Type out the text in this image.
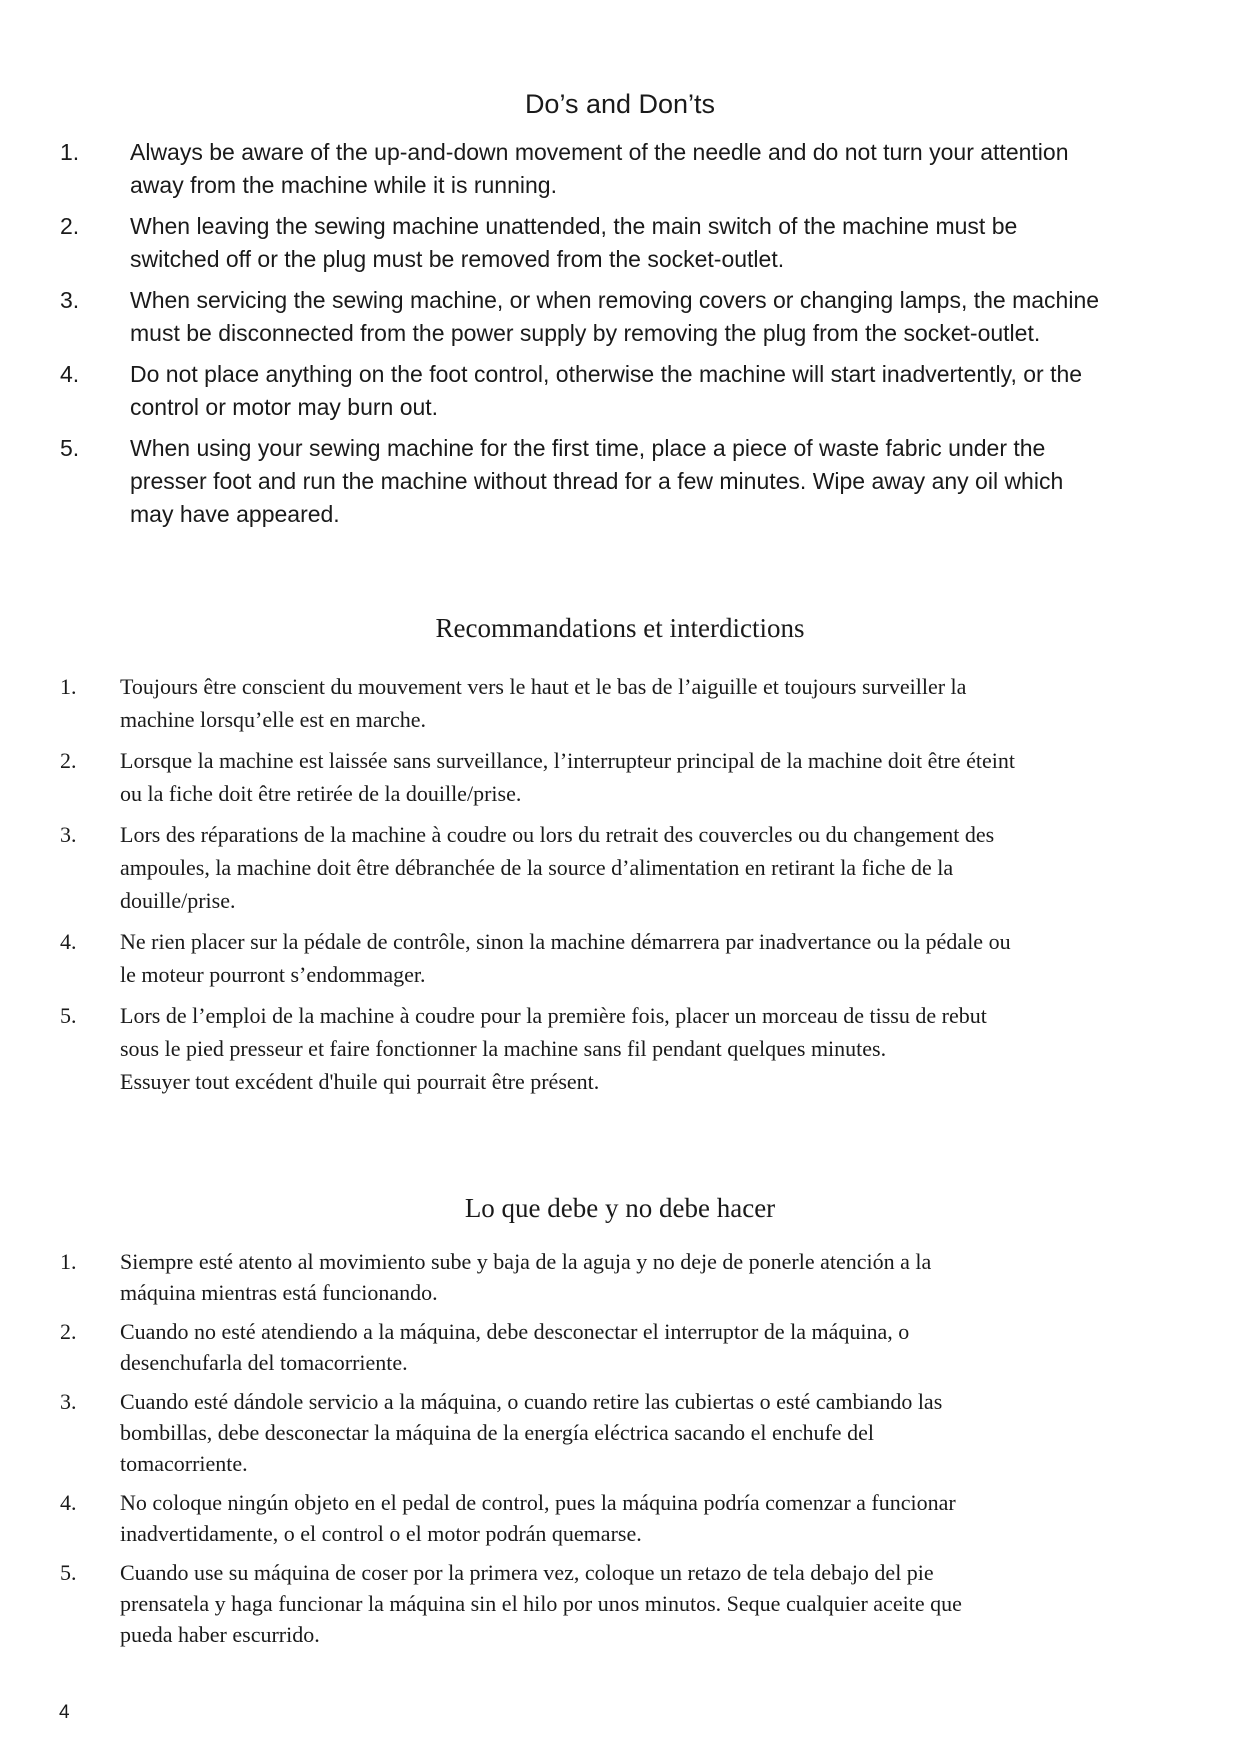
Do’s and Don’ts
1. Always be aware of the up-and-down movement of the needle and do not turn your attention
away from the machine while it is running.
2. When leaving the sewing machine unattended, the main switch of the machine must be
switched off or the plug must be removed from the socket-outlet.
3. When servicing the sewing machine, or when removing covers or changing lamps, the machine
must be disconnected from the power supply by removing the plug from the socket-outlet.
4. Do not place anything on the foot control, otherwise the machine will start inadvertently, or the
control or motor may burn out.
5. When using your sewing machine for the first time, place a piece of waste fabric under the
presser foot and run the machine without thread for a few minutes. Wipe away any oil which
may have appeared.
Recommandations et interdictions
1. Toujours être conscient du mouvement vers le haut et le bas de l’aiguille et toujours surveiller la
machine lorsqu’elle est en marche.
2. Lorsque la machine est laissée sans surveillance, l’interrupteur principal de la machine doit être éteint
ou la fiche doit être retirée de la douille/prise.
3. Lors des réparations de la machine à coudre ou lors du retrait des couvercles ou du changement des
ampoules, la machine doit être débranchée de la source d’alimentation en retirant la fiche de la
douille/prise.
4. Ne rien placer sur la pédale de contrôle, sinon la machine démarrera par inadvertance ou la pédale ou
le moteur pourront s’endommager.
5. Lors de l’emploi de la machine à coudre pour la première fois, placer un morceau de tissu de rebut
sous le pied presseur et faire fonctionner la machine sans fil pendant quelques minutes.
Essuyer tout excédent d'huile qui pourrait être présent.
Lo que debe y no debe hacer
1. Siempre esté atento al movimiento sube y baja de la aguja y no deje de ponerle atención a la
máquina mientras está funcionando.
2. Cuando no esté atendiendo a la máquina, debe desconectar el interruptor de la máquina, o
desenchufarla del tomacorriente.
3. Cuando esté dándole servicio a la máquina, o cuando retire las cubiertas o esté cambiando las
bombillas, debe desconectar la máquina de la energía eléctrica sacando el enchufe del
tomacorriente.
4. No coloque ningún objeto en el pedal de control, pues la máquina podría comenzar a funcionar
inadvertidamente, o el control o el motor podrán quemarse.
5. Cuando use su máquina de coser por la primera vez, coloque un retazo de tela debajo del pie
prensatela y haga funcionar la máquina sin el hilo por unos minutos. Seque cualquier aceite que
pueda haber escurrido.
4
